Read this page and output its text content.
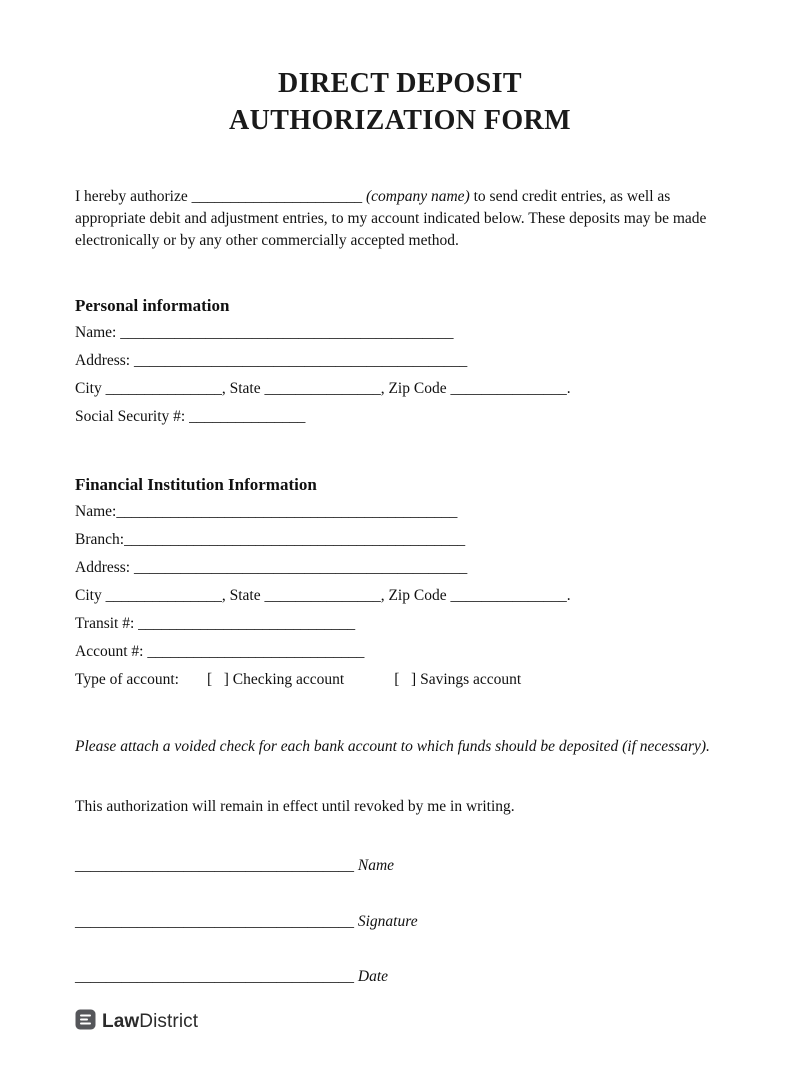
DIRECT DEPOSIT
AUTHORIZATION FORM

I hereby authorize ______________________ (company name) to send credit entries, as well as appropriate debit and adjustment entries, to my account indicated below. These deposits may be made electronically or by any other commercially accepted method.

Personal information
Name: ___________________________________________
Address: ___________________________________________
City _______________, State _______________, Zip Code _______________.
Social Security #: _______________
Financial Institution Information
Name:____________________________________________
Branch:____________________________________________
Address: ___________________________________________
City _______________, State _______________, Zip Code _______________.
Transit #: ____________________________
Account #: ____________________________
Type of account: [   ] Checking account	[   ] Savings account

Please attach a voided check for each bank account to which funds should be deposited (if necessary).

This authorization will remain in effect until revoked by me in writing.

____________________________________ Name
____________________________________ Signature
____________________________________ Date
LawDistrict
